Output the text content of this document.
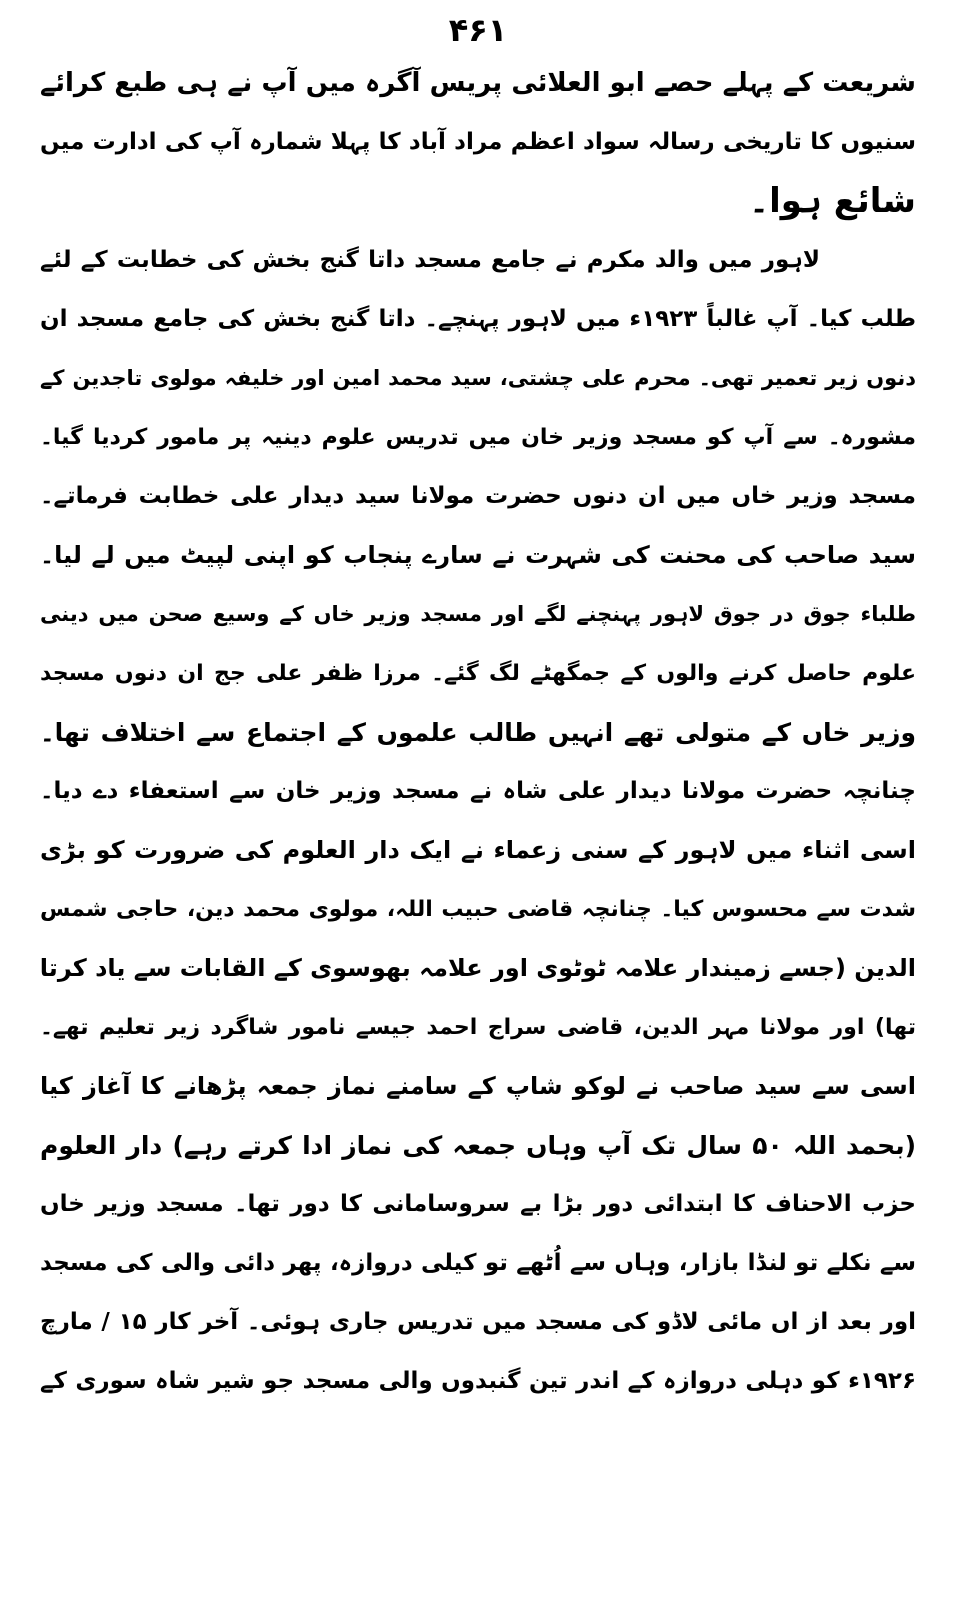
۴۶۱
شریعت کے پہلے حصے ابو العلائی پریس آگرہ میں آپ نے ہی طبع کرائے
سنیوں کا تاریخی رسالہ سواد اعظم مراد آباد کا پہلا شمارہ آپ کی ادارت میں
شائع ہوا۔
لاہور میں والد مکرم نے جامع مسجد داتا گنج بخش کی خطابت کے لئے
طلب کیا۔ آپ غالباً ۱۹۲۳ء میں لاہور پہنچے۔ داتا گنج بخش کی جامع مسجد ان
دنوں زیر تعمیر تھی۔ محرم علی چشتی، سید محمد امین اور خلیفہ مولوی تاجدین کے
مشورہ۔ سے آپ کو مسجد وزیر خان میں تدریس علوم دینیہ پر مامور کردیا گیا۔
مسجد وزیر خاں میں ان دنوں حضرت مولانا سید دیدار علی خطابت فرماتے۔
سید صاحب کی محنت کی شہرت نے سارے پنجاب کو اپنی لپیٹ میں لے لیا۔
طلباء جوق در جوق لاہور پہنچنے لگے اور مسجد وزیر خاں کے وسیع صحن میں دینی
علوم حاصل کرنے والوں کے جمگھٹے لگ گئے۔ مرزا ظفر علی جج ان دنوں مسجد
وزیر خاں کے متولی تھے انہیں طالب علموں کے اجتماع سے اختلاف تھا۔
چنانچہ حضرت مولانا دیدار علی شاہ نے مسجد وزیر خان سے استعفاء دے دیا۔
اسی اثناء میں لاہور کے سنی زعماء نے ایک دار العلوم کی ضرورت کو بڑی
شدت سے محسوس کیا۔ چنانچہ قاضی حبیب اللہ، مولوی محمد دین، حاجی شمس
الدین (جسے زمیندار علامہ ٹوٹوی اور علامہ بھوسوی کے القابات سے یاد کرتا
تھا) اور مولانا مہر الدین، قاضی سراج احمد جیسے نامور شاگرد زیر تعلیم تھے۔
اسی سے سید صاحب نے لوکو شاپ کے سامنے نماز جمعہ پڑھانے کا آغاز کیا
(بحمد اللہ ۵۰ سال تک آپ وہاں جمعہ کی نماز ادا کرتے رہے) دار العلوم
حزب الاحناف کا ابتدائی دور بڑا بے سروسامانی کا دور تھا۔ مسجد وزیر خاں
سے نکلے تو لنڈا بازار، وہاں سے اُٹھے تو کیلی دروازہ، پھر دائی والی کی مسجد
اور بعد از اں مائی لاڈو کی مسجد میں تدریس جاری ہوئی۔ آخر کار ۱۵ / مارچ
۱۹۲۶ء کو دہلی دروازہ کے اندر تین گنبدوں والی مسجد جو شیر شاہ سوری کے
